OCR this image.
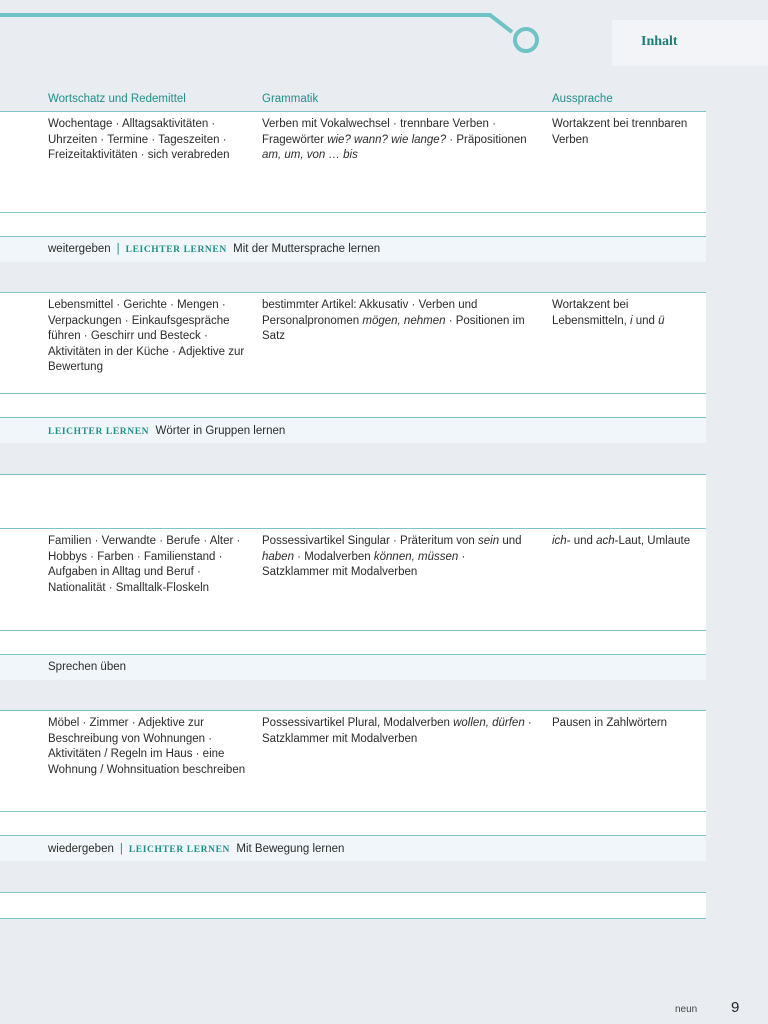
Inhalt
Wortschatz und Redemittel	Grammatik	Aussprache
Wochentage · Alltagsaktivitäten · Uhrzeiten · Termine · Tageszeiten · Freizeitaktivitäten · sich verabreden
Verben mit Vokalwechsel · trennbare Verben · Fragewörter wie? wann? wie lange? · Präpositionen am, um, von … bis
Wortakzent bei trennbaren Verben
weitergeben | LEICHTER LERNEN Mit der Muttersprache lernen
Lebensmittel · Gerichte · Mengen · Verpackungen · Einkaufsgespräche führen · Geschirr und Besteck · Aktivitäten in der Küche · Adjektive zur Bewertung
bestimmter Artikel: Akkusativ · Verben und Personalpronomen mögen, nehmen · Positionen im Satz
Wortakzent bei Lebensmitteln, i und ü
LEICHTER LERNEN Wörter in Gruppen lernen
Familien · Verwandte · Berufe · Alter · Hobbys · Farben · Familienstand · Aufgaben in Alltag und Beruf · Nationalität · Smalltalk-Floskeln
Possessivartikel Singular · Präteritum von sein und haben · Modalverben können, müssen · Satzklammer mit Modalverben
ich- und ach-Laut, Umlaute
Sprechen üben
Möbel · Zimmer · Adjektive zur Beschreibung von Wohnungen · Aktivitäten / Regeln im Haus · eine Wohnung / Wohnsituation beschreiben
Possessivartikel Plural, Modalverben wollen, dürfen · Satzklammer mit Modalverben
Pausen in Zahlwörtern
wiedergeben | LEICHTER LERNEN Mit Bewegung lernen
neun 9
